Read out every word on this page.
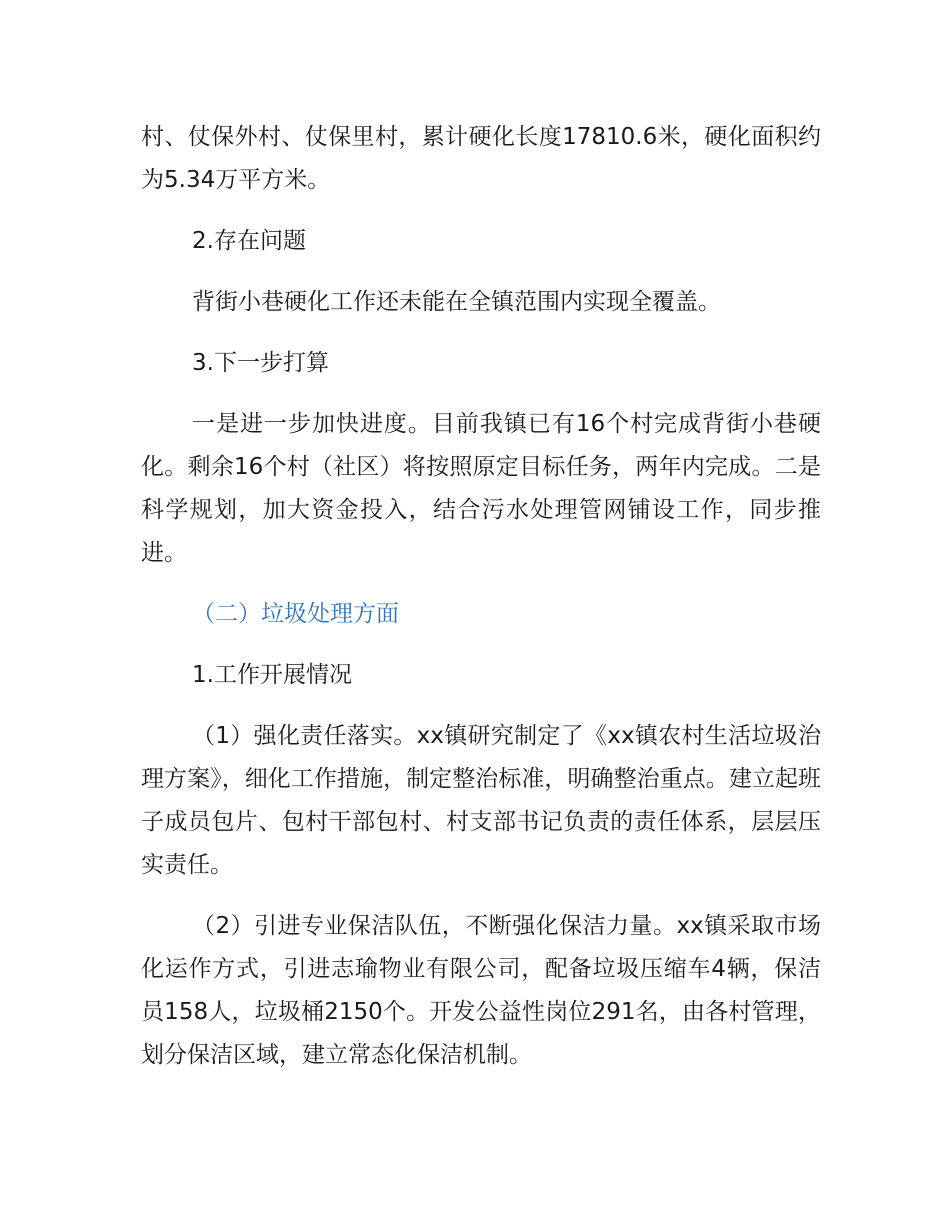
村、仗保外村、仗保里村，累计硬化长度17810.6米，硬化面积约为5.34万平方米。

2.存在问题

背街小巷硬化工作还未能在全镇范围内实现全覆盖。

3.下一步打算

一是进一步加快进度。目前我镇已有16个村完成背街小巷硬化。剩余16个村（社区）将按照原定目标任务，两年内完成。二是科学规划，加大资金投入，结合污水处理管网铺设工作，同步推进。

（二）垃圾处理方面

1.工作开展情况

（1）强化责任落实。xx镇研究制定了《xx镇农村生活垃圾治理方案》，细化工作措施，制定整治标准，明确整治重点。建立起班子成员包片、包村干部包村、村支部书记负责的责任体系，层层压实责任。

（2）引进专业保洁队伍，不断强化保洁力量。xx镇采取市场化运作方式，引进志瑜物业有限公司，配备垃圾压缩车4辆，保洁员158人，垃圾桶2150个。开发公益性岗位291名，由各村管理，划分保洁区域，建立常态化保洁机制。
